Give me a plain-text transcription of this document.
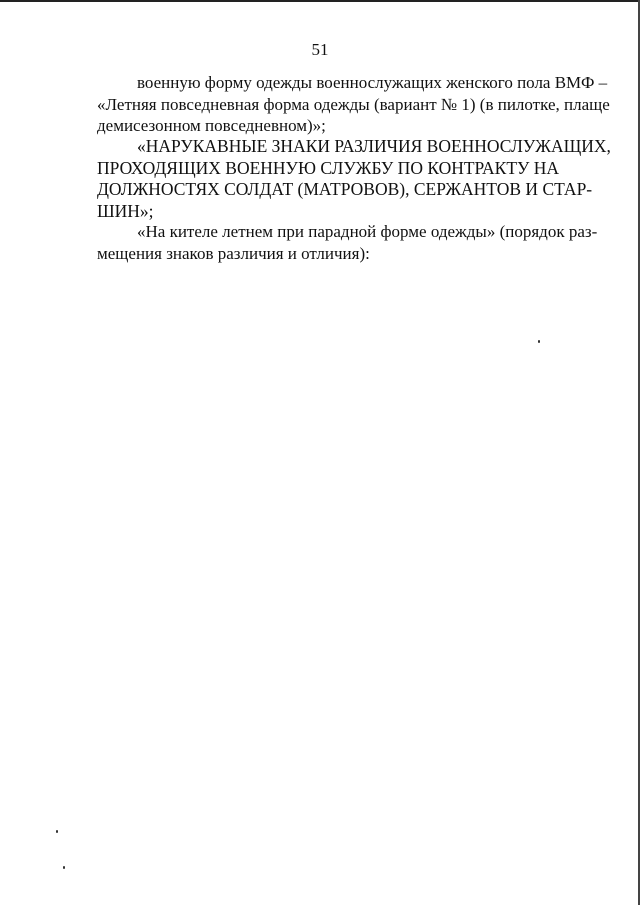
51
военную форму одежды военнослужащих женского пола ВМФ –
«Летняя повседневная форма одежды (вариант № 1) (в пилотке, плаще
демисезонном повседневном)»;
«НАРУКАВНЫЕ ЗНАКИ РАЗЛИЧИЯ ВОЕННОСЛУЖАЩИХ,
ПРОХОДЯЩИХ ВОЕННУЮ СЛУЖБУ ПО КОНТРАКТУ НА
ДОЛЖНОСТЯХ СОЛДАТ (МАТРОВОВ), СЕРЖАНТОВ И СТАР-
ШИН»;
«На кителе летнем при парадной форме одежды» (порядок раз-
мещения знаков различия и отличия):
